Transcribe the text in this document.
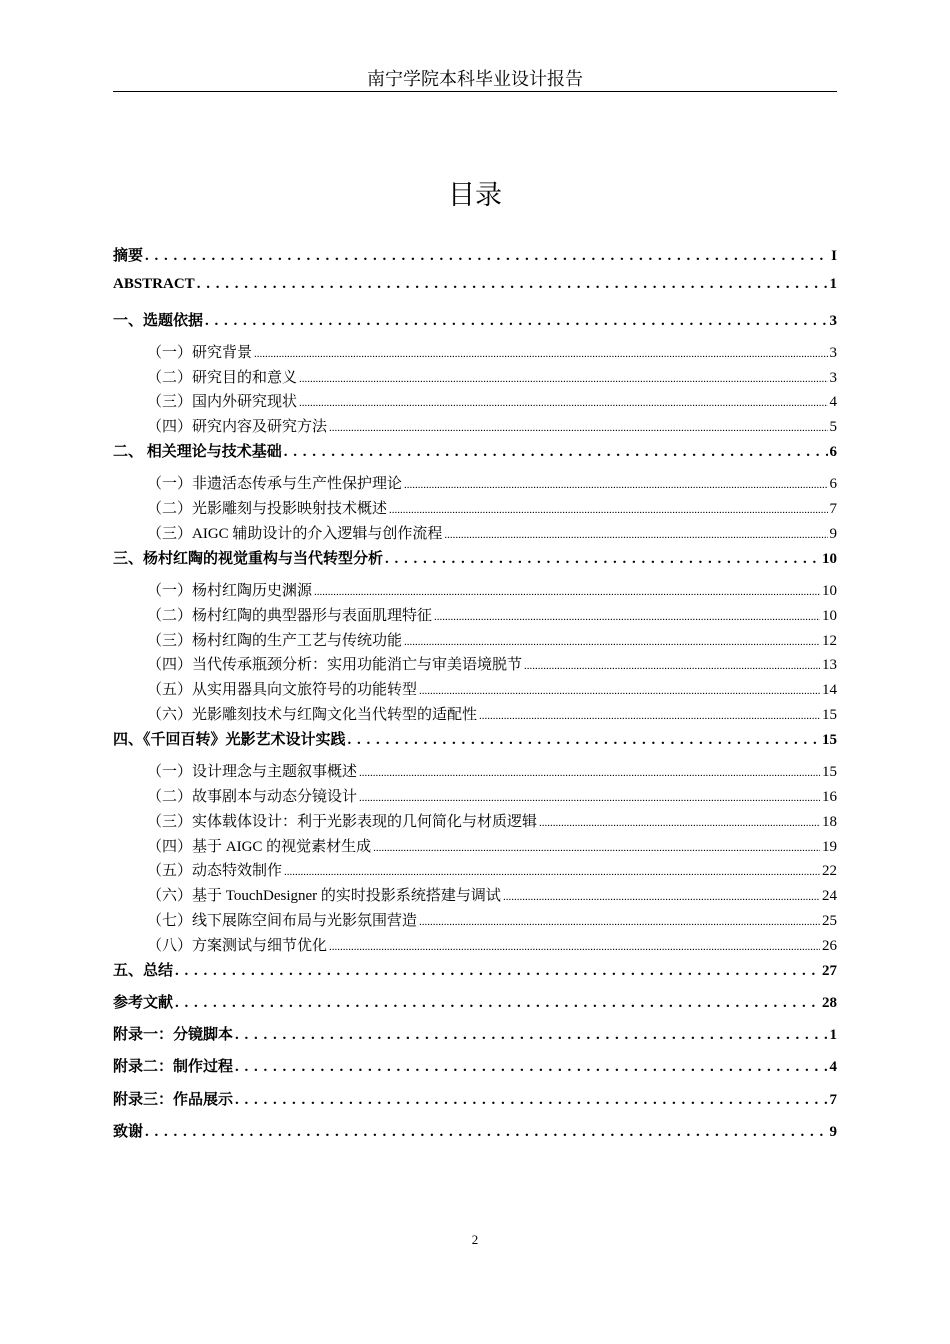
南宁学院本科毕业设计报告
目录
摘要 . . .	I
ABSTRACT . . .	1
一、选题依据 . . .	3
（一）研究背景 .....	3
（二）研究目的和意义 .....	3
（三）国内外研究现状 .....	4
（四）研究内容及研究方法 .....	5
二、 相关理论与技术基础 . . .	6
（一）非遗活态传承与生产性保护理论 .....	6
（二）光影雕刻与投影映射技术概述 .....	7
（三）AIGC 辅助设计的介入逻辑与创作流程 .....	9
三、杨村红陶的视觉重构与当代转型分析 . . .	10
（一）杨村红陶历史渊源 .....	10
（二）杨村红陶的典型器形与表面肌理特征 .....	10
（三）杨村红陶的生产工艺与传统功能 .....	12
（四）当代传承瓶颈分析：实用功能消亡与审美语境脱节 .....	13
（五）从实用器具向文旅符号的功能转型 .....	14
（六）光影雕刻技术与红陶文化当代转型的适配性 .....	15
四、《千回百转》光影艺术设计实践 . . .	15
（一）设计理念与主题叙事概述 .....	15
（二）故事剧本与动态分镜设计 .....	16
（三）实体载体设计：利于光影表现的几何简化与材质逻辑 .....	18
（四）基于 AIGC 的视觉素材生成 .....	19
（五）动态特效制作 .....	22
（六）基于 TouchDesigner 的实时投影系统搭建与调试 .....	24
（七）线下展陈空间布局与光影氛围营造 .....	25
（八）方案测试与细节优化 .....	26
五、总结 . . .	27
参考文献 . . .	28
附录一：分镜脚本 . . .	1
附录二：制作过程 . . .	4
附录三：作品展示 . . .	7
致谢 . . .	9
2
